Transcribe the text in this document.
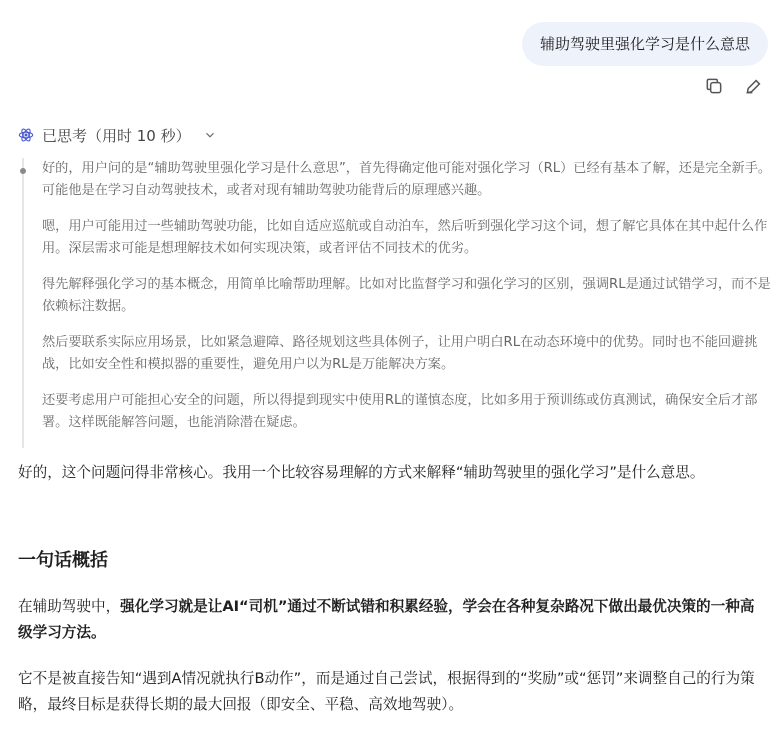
辅助驾驶里强化学习是什么意思
已思考（用时 10 秒）

好的，用户问的是“辅助驾驶里强化学习是什么意思”，首先得确定他可能对强化学习（RL）已经有基本了解，还是完全新手。可能他是在学习自动驾驶技术，或者对现有辅助驾驶功能背后的原理感兴趣。

嗯，用户可能用过一些辅助驾驶功能，比如自适应巡航或自动泊车，然后听到强化学习这个词，想了解它具体在其中起什么作用。深层需求可能是想理解技术如何实现决策，或者评估不同技术的优劣。

得先解释强化学习的基本概念，用简单比喻帮助理解。比如对比监督学习和强化学习的区别，强调RL是通过试错学习，而不是依赖标注数据。

然后要联系实际应用场景，比如紧急避障、路径规划这些具体例子，让用户明白RL在动态环境中的优势。同时也不能回避挑战，比如安全性和模拟器的重要性，避免用户以为RL是万能解决方案。

还要考虑用户可能担心安全的问题，所以得提到现实中使用RL的谨慎态度，比如多用于预训练或仿真测试，确保安全后才部署。这样既能解答问题，也能消除潜在疑虑。

好的，这个问题问得非常核心。我用一个比较容易理解的方式来解释“辅助驾驶里的强化学习”是什么意思。

一句话概括

在辅助驾驶中，强化学习就是让AI“司机”通过不断试错和积累经验，学会在各种复杂路况下做出最优决策的一种高级学习方法。

它不是被直接告知“遇到A情况就执行B动作”，而是通过自己尝试，根据得到的“奖励”或“惩罚”来调整自己的行为策略，最终目标是获得长期的最大回报（即安全、平稳、高效地驾驶）。
